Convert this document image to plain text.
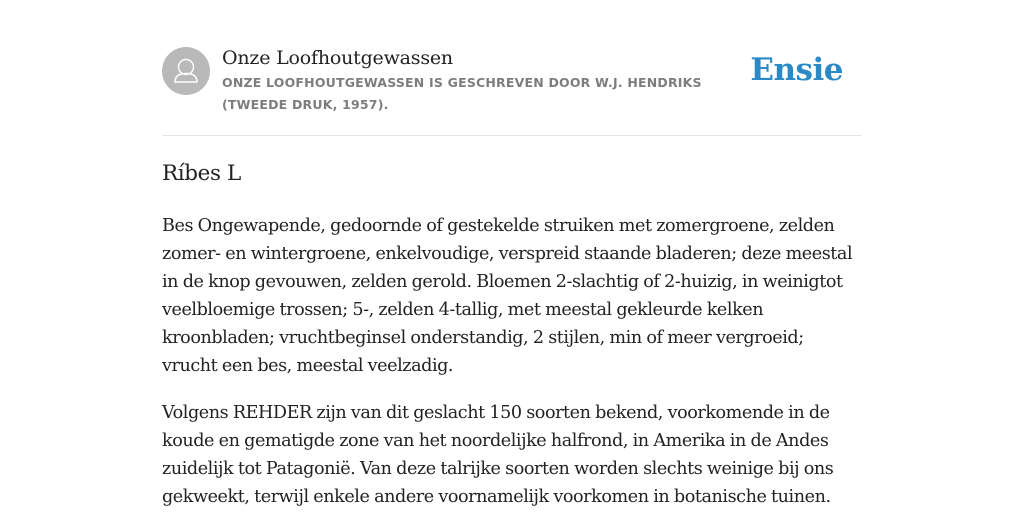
Onze Loofhoutgewassen
ONZE LOOFHOUTGEWASSEN IS GESCHREVEN DOOR W.J. HENDRIKS (TWEEDE DRUK, 1957).
Ensie
Ríbes L

Bes Ongewapende, gedoornde of gestekelde struiken met zomergroene, zelden zomer- en wintergroene, enkelvoudige, verspreid staande bladeren; deze meestal in de knop gevouwen, zelden gerold. Bloemen 2-slachtig of 2-huizig, in weinigtot veelbloemige trossen; 5-, zelden 4-tallig, met meestal gekleurde kelken kroonbladen; vruchtbeginsel onderstandig, 2 stijlen, min of meer vergroeid; vrucht een bes, meestal veelzadig.

Volgens REHDER zijn van dit geslacht 150 soorten bekend, voorkomende in de koude en gematigde zone van het noordelijke halfrond, in Amerika in de Andes zuidelijk tot Patagonië. Van deze talrijke soorten worden slechts weinige bij ons gekweekt, terwijl enkele andere voornamelijk voorkomen in botanische tuinen.
